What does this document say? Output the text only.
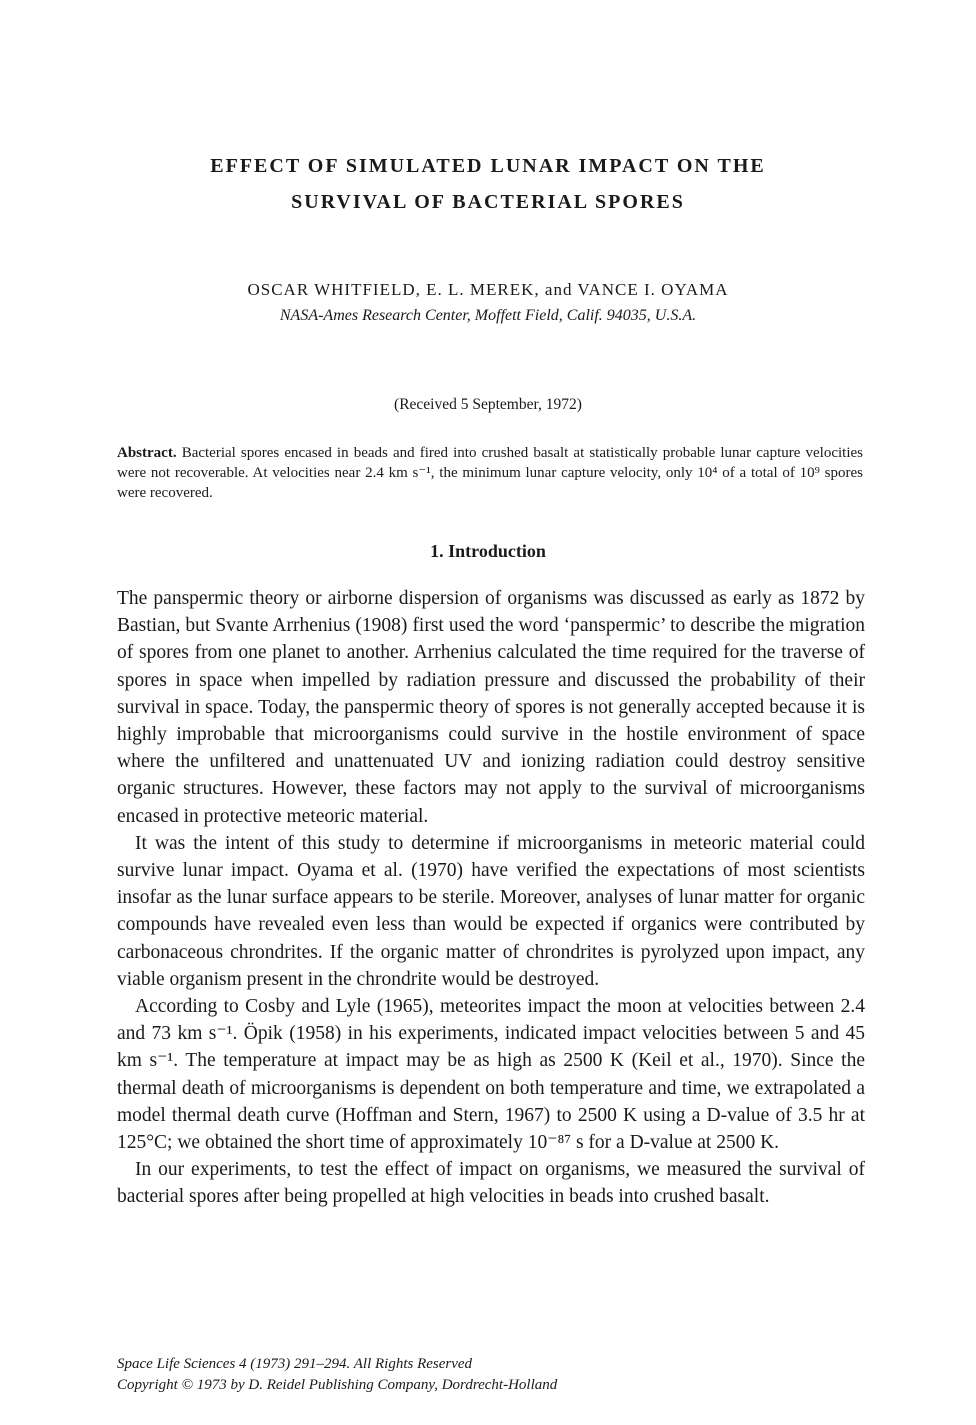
EFFECT OF SIMULATED LUNAR IMPACT ON THE
SURVIVAL OF BACTERIAL SPORES
OSCAR WHITFIELD, E. L. MEREK, and VANCE I. OYAMA
NASA-Ames Research Center, Moffett Field, Calif. 94035, U.S.A.
(Received 5 September, 1972)
Abstract. Bacterial spores encased in beads and fired into crushed basalt at statistically probable lunar capture velocities were not recoverable. At velocities near 2.4 km s⁻¹, the minimum lunar capture velocity, only 10⁴ of a total of 10⁹ spores were recovered.
1. Introduction

The panspermic theory or airborne dispersion of organisms was discussed as early as 1872 by Bastian, but Svante Arrhenius (1908) first used the word ‘panspermic’ to describe the migration of spores from one planet to another. Arrhenius calculated the time required for the traverse of spores in space when impelled by radiation pressure and discussed the probability of their survival in space. Today, the panspermic theory of spores is not generally accepted because it is highly improbable that microorganisms could survive in the hostile environment of space where the unfiltered and unattenuated UV and ionizing radiation could destroy sensitive organic structures. However, these factors may not apply to the survival of microorganisms encased in protective meteoric material.

It was the intent of this study to determine if microorganisms in meteoric material could survive lunar impact. Oyama et al. (1970) have verified the expectations of most scientists insofar as the lunar surface appears to be sterile. Moreover, analyses of lunar matter for organic compounds have revealed even less than would be expected if organics were contributed by carbonaceous chrondrites. If the organic matter of chrondrites is pyrolyzed upon impact, any viable organism present in the chrondrite would be destroyed.

According to Cosby and Lyle (1965), meteorites impact the moon at velocities between 2.4 and 73 km s⁻¹. Öpik (1958) in his experiments, indicated impact velocities between 5 and 45 km s⁻¹. The temperature at impact may be as high as 2500 K (Keil et al., 1970). Since the thermal death of microorganisms is dependent on both temperature and time, we extrapolated a model thermal death curve (Hoffman and Stern, 1967) to 2500 K using a D-value of 3.5 hr at 125°C; we obtained the short time of approximately 10⁻⁸⁷ s for a D-value at 2500 K.

In our experiments, to test the effect of impact on organisms, we measured the survival of bacterial spores after being propelled at high velocities in beads into crushed basalt.

Space Life Sciences 4 (1973) 291–294. All Rights Reserved
Copyright © 1973 by D. Reidel Publishing Company, Dordrecht-Holland
